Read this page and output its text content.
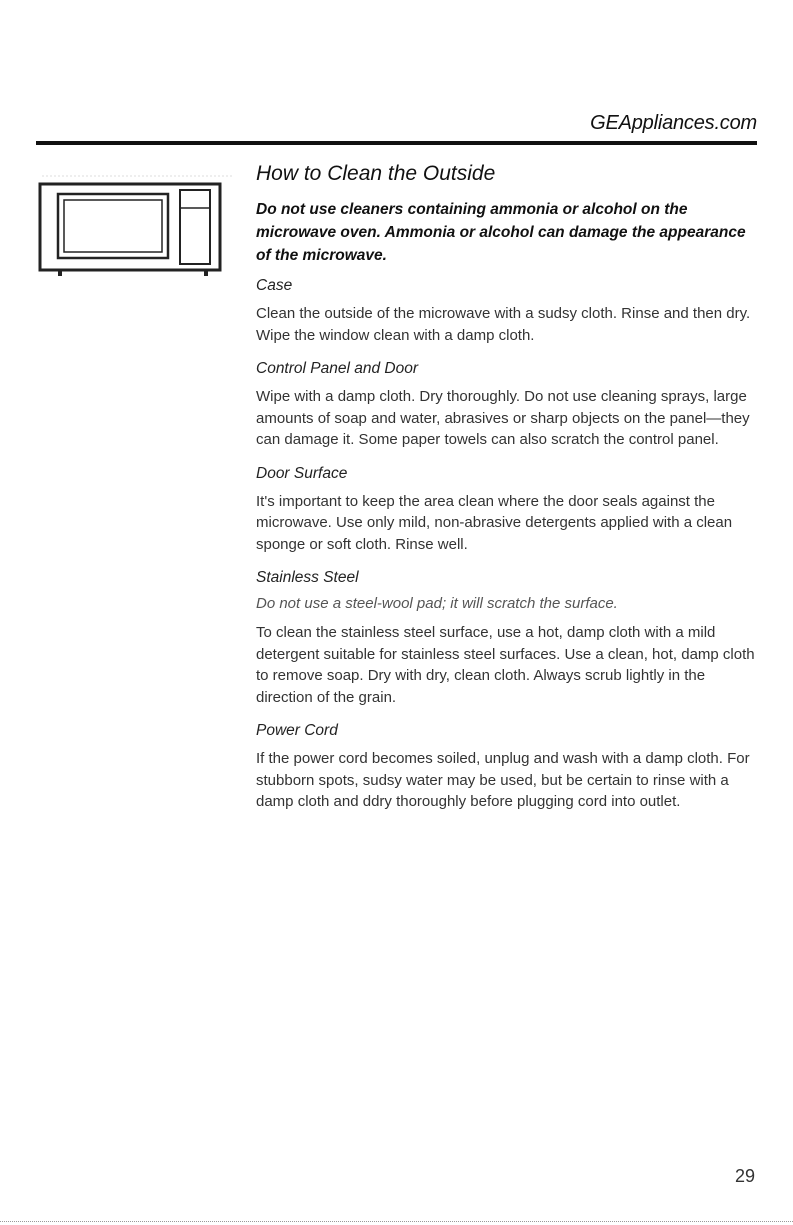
GEAppliances.com
How to Clean the Outside

Do not use cleaners containing ammonia or alcohol on the microwave oven. Ammonia or alcohol can damage the appearance of the microwave.

Case

Clean the outside of the microwave with a sudsy cloth. Rinse and then dry. Wipe the window clean with a damp cloth.

Control Panel and Door

Wipe with a damp cloth. Dry thoroughly. Do not use cleaning sprays, large amounts of soap and water, abrasives or sharp objects on the panel—they can damage it. Some paper towels can also scratch the control panel.

Door Surface

It's important to keep the area clean where the door seals against the microwave. Use only mild, non-abrasive detergents applied with a clean sponge or soft cloth. Rinse well.

Stainless Steel

Do not use a steel-wool pad; it will scratch the surface.

To clean the stainless steel surface, use a hot, damp cloth with a mild detergent suitable for stainless steel surfaces. Use a clean, hot, damp cloth to remove soap. Dry with dry, clean cloth. Always scrub lightly in the direction of the grain.

Power Cord

If the power cord becomes soiled, unplug and wash with a damp cloth. For stubborn spots, sudsy water may be used, but be certain to rinse with a damp cloth and ddry thoroughly before plugging cord into outlet.

29
